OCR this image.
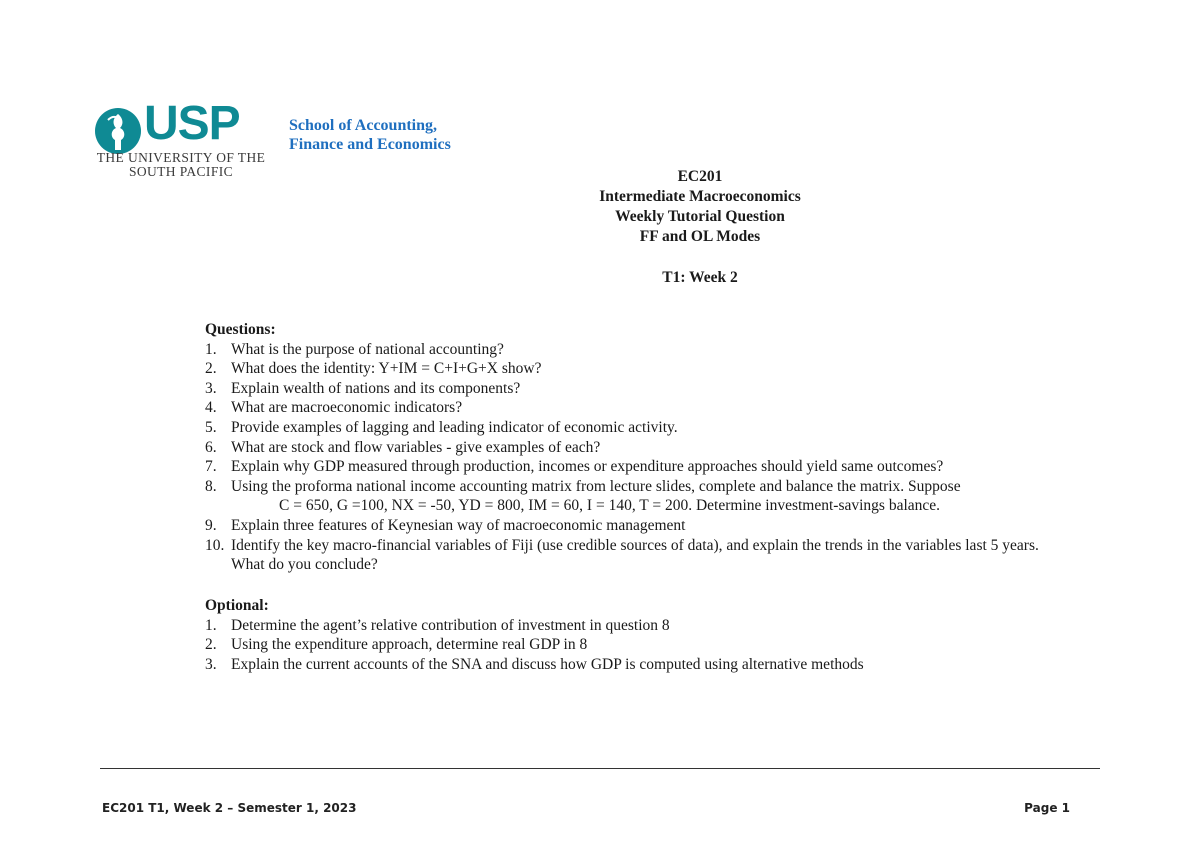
USP
THE UNIVERSITY OF THE
SOUTH PACIFIC
School of Accounting,
Finance and Economics
EC201
Intermediate Macroeconomics
Weekly Tutorial Question
FF and OL Modes
T1: Week 2
Questions:
1. What is the purpose of national accounting?
2. What does the identity: Y+IM = C+I+G+X show?
3. Explain wealth of nations and its components?
4. What are macroeconomic indicators?
5. Provide examples of lagging and leading indicator of economic activity.
6. What are stock and flow variables - give examples of each?
7. Explain why GDP measured through production, incomes or expenditure approaches should yield same outcomes?
8. Using the proforma national income accounting matrix from lecture slides, complete and balance the matrix. Suppose
C = 650, G =100, NX = -50, YD = 800, IM = 60, I = 140, T = 200. Determine investment-savings balance.
9. Explain three features of Keynesian way of macroeconomic management
10. Identify the key macro-financial variables of Fiji (use credible sources of data), and explain the trends in the variables last 5 years. What do you conclude?
Optional:
1. Determine the agent’s relative contribution of investment in question 8
2. Using the expenditure approach, determine real GDP in 8
3. Explain the current accounts of the SNA and discuss how GDP is computed using alternative methods
EC201 T1, Week 2 – Semester 1, 2023	Page 1
